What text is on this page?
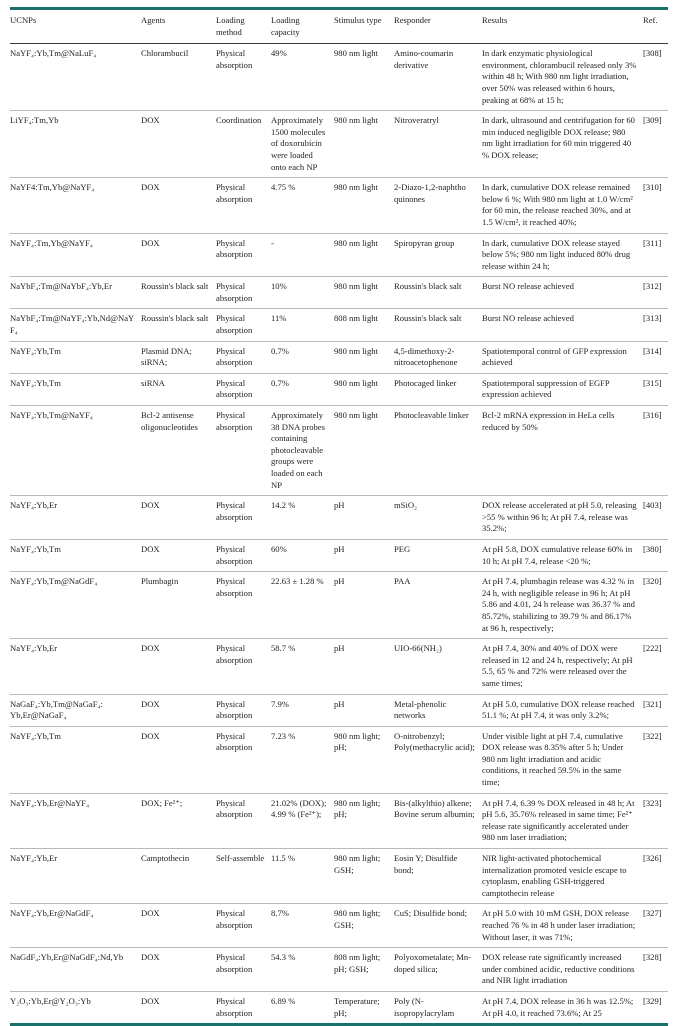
UCNPs	Agents	Loading method	Loading capacity	Stimulus type	Responder	Results	Ref.
NaYF₄:Yb,Tm@NaLuF₄	Chlorambucil	Physical absorption	49%	980 nm light	Amino-coumarin derivative	In dark enzymatic physiological environment, chlorambucil released only 3% within 48 h; With 980 nm light irradiation, over 50% was released within 6 hours, peaking at 68% at 15 h;	[308]
LiYF₄:Tm,Yb	DOX	Coordination	Approximately 1500 molecules of doxorubicin were loaded onto each NP	980 nm light	Nitroveratryl	In dark, ultrasound and centrifugation for 60 min induced negligible DOX release; 980 nm light irradiation for 60 min triggered 40 % DOX release;	[309]
NaYF4:Tm,Yb@NaYF₄	DOX	Physical absorption	4.75 %	980 nm light	2-Diazo-1,2-naphtho quinones	In dark, cumulative DOX release remained below 6 %; With 980 nm light at 1.0 W/cm² for 60 min, the release reached 30%, and at 1.5 W/cm², it reached 40%;	[310]
NaYF₄:Tm,Yb@NaYF₄	DOX	Physical absorption	-	980 nm light	Spiropyran group	In dark, cumulative DOX release stayed below 5%; 980 nm light induced 80% drug release within 24 h;	[311]
NaYbF₄:Tm@NaYbF₄:Yb,Er	Roussin's black salt	Physical absorption	10%	980 nm light	Roussin's black salt	Burst NO release achieved	[312]
NaYbF₄:Tm@NaYF₄:Yb,Nd@NaYF₄	Roussin's black salt	Physical absorption	11%	808 nm light	Roussin's black salt	Burst NO release achieved	[313]
NaYF₄:Yb,Tm	Plasmid DNA; siRNA;	Physical absorption	0.7%	980 nm light	4,5-dimethoxy-2-nitroacetophenone	Spatiotemporal control of GFP expression achieved	[314]
NaYF₄:Yb,Tm	siRNA	Physical absorption	0.7%	980 nm light	Photocaged linker	Spatiotemporal suppression of EGFP expression achieved	[315]
NaYF₄:Yb,Tm@NaYF₄	Bcl-2 antisense oligonucleotides	Physical absorption	Approximately 38 DNA probes containing photocleavable groups were loaded on each NP	980 nm light	Photocleavable linker	Bcl-2 mRNA expression in HeLa cells reduced by 50%	[316]
NaYF₄:Yb,Er	DOX	Physical absorption	14.2 %	pH	mSiO₂	DOX release accelerated at pH 5.0, releasing >55 % within 96 h; At pH 7.4, release was 35.2%;	[403]
NaYF₄:Yb,Tm	DOX	Physical absorption	60%	pH	PEG	At pH 5.8, DOX cumulative release 60% in 10 h; At pH 7.4, release <20 %;	[380]
NaYF₄:Yb,Tm@NaGdF₄	Plumbagin	Physical absorption	22.63 ± 1.28 %	pH	PAA	At pH 7.4, plumbagin release was 4.32 % in 24 h, with negligible release in 96 h; At pH 5.86 and 4.01, 24 h release was 36.37 % and 85.72%, stabilizing to 39.79 % and 86.17% at 96 h, respectively;	[320]
NaYF₄:Yb,Er	DOX	Physical absorption	58.7 %	pH	UIO-66(NH₂)	At pH 7.4, 30% and 40% of DOX were released in 12 and 24 h, respectively; At pH 5.5, 65 % and 72% were released over the same times;	[222]
NaGaF₄:Yb,Tm@NaGaF₄: Yb,Er@NaGaF₄	DOX	Physical absorption	7.9%	pH	Metal-phenolic networks	At pH 5.0, cumulative DOX release reached 51.1 %; At pH 7.4, it was only 3.2%;	[321]
NaYF₄:Yb,Tm	DOX	Physical absorption	7.23 %	980 nm light; pH;	O-nitrobenzyl; Poly(methacrylic acid);	Under visible light at pH 7.4, cumulative DOX release was 8.35% after 5 h; Under 980 nm light irradiation and acidic conditions, it reached 59.5% in the same time;	[322]
NaYF₄:Yb,Er@NaYF₄	DOX; Fe²⁺;	Physical absorption	21.02% (DOX); 4.99 % (Fe²⁺);	980 nm light; pH;	Bis-(alkylthio) alkene; Bovine serum albumin;	At pH 7.4, 6.39 % DOX released in 48 h; At pH 5.6, 35.76% released in same time; Fe²⁺ release rate significantly accelerated under 980 nm laser irradiation;	[323]
NaYF₄:Yb,Er	Camptothecin	Self-assemble	11.5 %	980 nm light; GSH;	Eosin Y; Disulfide bond;	NIR light-activated photochemical internalization promoted vesicle escape to cytoplasm, enabling GSH-triggered camptothecin release	[326]
NaYF₄:Yb,Er@NaGdF₄	DOX	Physical absorption	8.7%	980 nm light; GSH;	CuS; Disulfide bond;	At pH 5.0 with 10 mM GSH, DOX release reached 76 % in 48 h under laser irradiation; Without laser, it was 71%;	[327]
NaGdF₄:Yb,Er@NaGdF₄:Nd,Yb	DOX	Physical absorption	54.3 %	808 nm light; pH; GSH;	Polyoxometalate; Mn-doped silica;	DOX release rate significantly increased under combined acidic, reductive conditions and NIR light irradiation	[328]
Y₂O₃:Yb,Er@Y₂O₃:Yb	DOX	Physical absorption	6.89 %	Temperature; pH;	Poly (N-isopropylacrylam	At pH 7.4, DOX release in 36 h was 12.5%; At pH 4.0, it reached 73.6%; At 25	[329]
